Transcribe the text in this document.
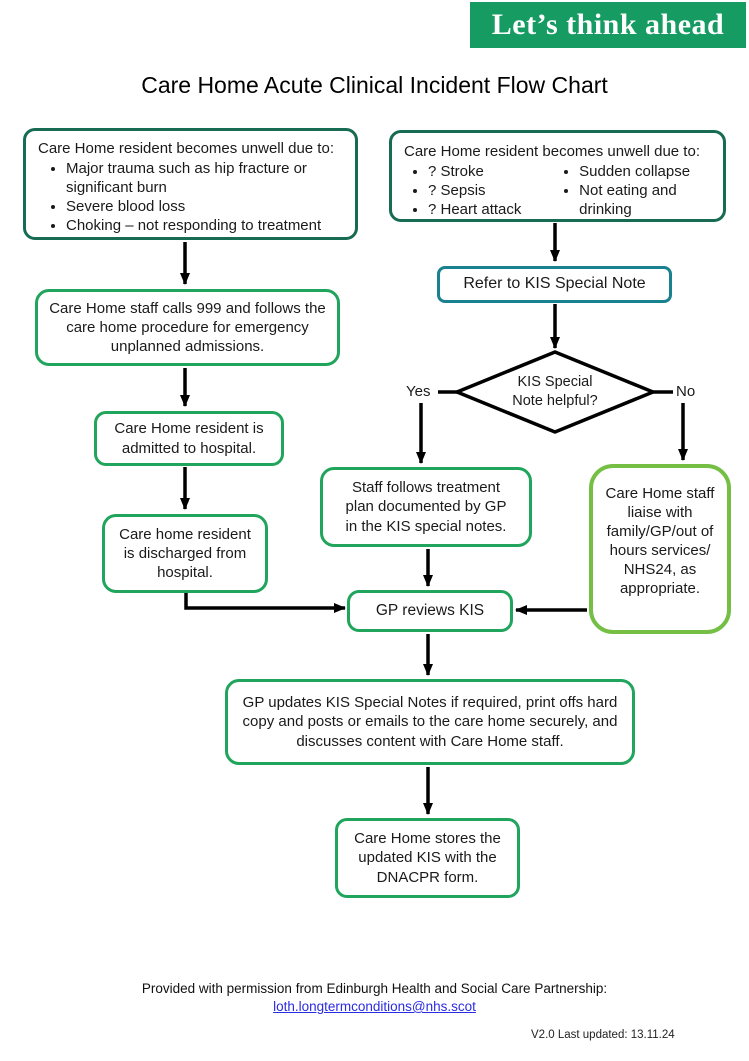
Let’s think ahead
Care Home Acute Clinical Incident Flow Chart
Care Home resident becomes unwell due to:
• Major trauma such as hip fracture or significant burn
• Severe blood loss
• Choking – not responding to treatment
Care Home staff calls 999 and follows the care home procedure for emergency unplanned admissions.
Care Home resident is admitted to hospital.
Care home resident is discharged from hospital.
Care Home resident becomes unwell due to:
• ? Stroke
• ? Sepsis
• ? Heart attack
• Sudden collapse
• Not eating and drinking
Refer to KIS Special Note
KIS Special
Note helpful?
Yes	No
Staff follows treatment plan documented by GP in the KIS special notes.
Care Home staff liaise with family/GP/out of hours services/ NHS24, as appropriate.
GP reviews KIS
GP updates KIS Special Notes if required, print offs hard copy and posts or emails to the care home securely, and discusses content with Care Home staff.
Care Home stores the updated KIS with the DNACPR form.
Provided with permission from Edinburgh Health and Social Care Partnership:
loth.longtermconditions@nhs.scot
V2.0 Last updated: 13.11.24
